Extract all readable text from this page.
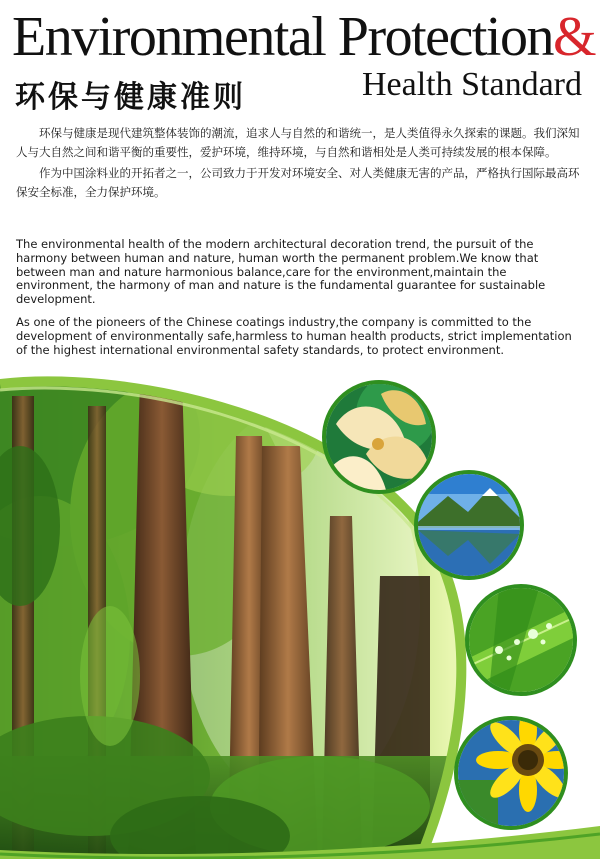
Environmental Protection&
环保与健康准则	Health Standard

环保与健康是现代建筑整体装饰的潮流，追求人与自然的和谐统一，是人类值得永久探索的课题。我们深知人与大自然之间和谐平衡的重要性，爱护环境，维持环境，与自然和谐相处是人类可持续发展的根本保障。

作为中国涂料业的开拓者之一，公司致力于开发对环境安全、对人类健康无害的产品，严格执行国际最高环保安全标准，全力保护环境。

The environmental health of the modern architectural decoration trend, the pursuit of the harmony between human and nature, human worth the permanent problem.We know that between man and nature harmonious balance,care for the environment,maintain the environment, the harmony of man and nature is the fundamental guarantee for sustainable development.

As one of the pioneers of the Chinese coatings industry,the company is committed to the development of environmentally safe,harmless to human health products, strict implementation of the highest international environmental safety standards, to protect environment.
